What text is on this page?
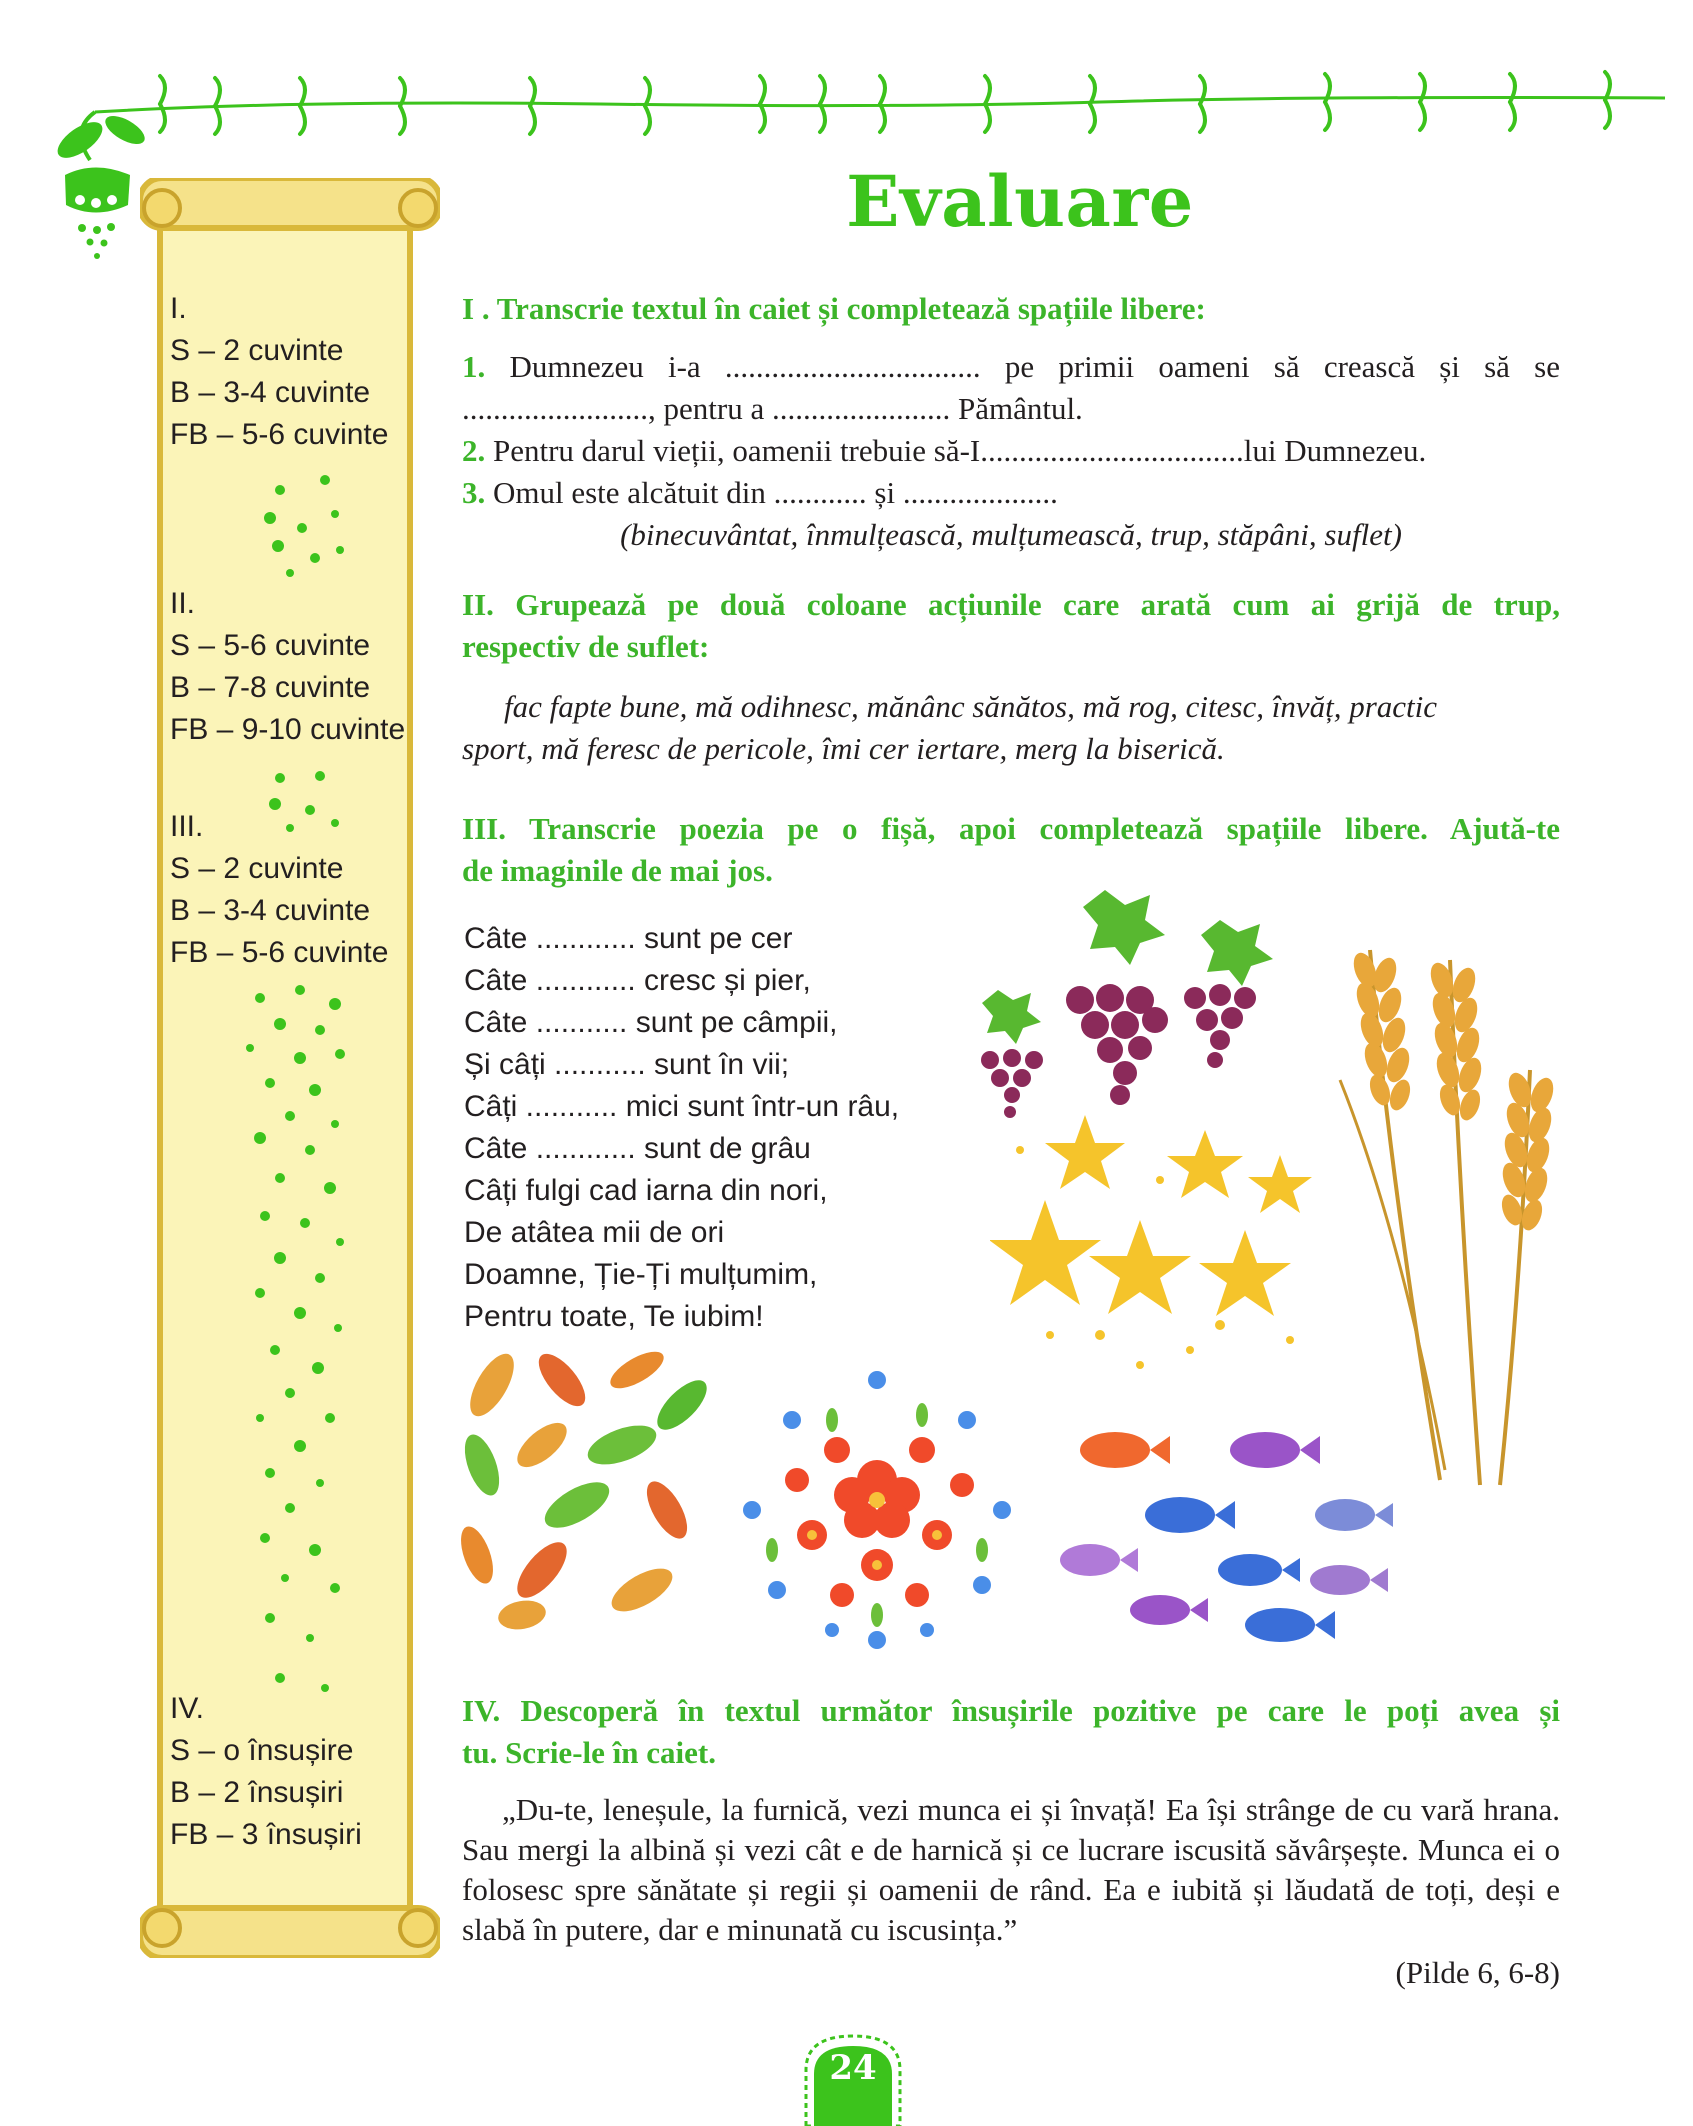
I.
S – 2 cuvinte
B – 3-4 cuvinte
FB – 5-6 cuvinte
II.
S – 5-6 cuvinte
B – 7-8 cuvinte
FB – 9-10 cuvinte
III.
S – 2 cuvinte
B – 3-4 cuvinte
FB – 5-6 cuvinte
IV.
S – o însușire
B – 2 însușiri
FB – 3 însușiri
Evaluare
I . Transcrie textul în caiet și completează spațiile libere:
1. Dumnezeu i-a ................................. pe primii oameni să crească și să se
........................, pentru a ....................... Pământul.
2. Pentru darul vieții, oamenii trebuie să-I..................................lui Dumnezeu.
3. Omul este alcătuit din ............ și ....................
(binecuvântat, înmulțească, mulțumească, trup, stăpâni, suflet)
II. Grupează pe două coloane acțiunile care arată cum ai grijă de trup,
respectiv de suflet:
fac fapte bune, mă odihnesc, mănânc sănătos, mă rog, citesc, învăț, practic
sport, mă feresc de pericole, îmi cer iertare, merg la biserică.
III. Transcrie poezia pe o fișă, apoi completează spațiile libere. Ajută-te
de imaginile de mai jos.
Câte ............ sunt pe cer
Câte ............ cresc și pier,
Câte ........... sunt pe câmpii,
Și câți ........... sunt în vii;
Câți ........... mici sunt într-un râu,
Câte ............ sunt de grâu
Câți fulgi cad iarna din nori,
De atâtea mii de ori
Doamne, Ție-Ți mulțumim,
Pentru toate, Te iubim!
IV. Descoperă în textul următor însușirile pozitive pe care le poți avea și
tu. Scrie-le în caiet.
„Du-te, leneșule, la furnică, vezi munca ei și învață! Ea își strânge de cu vară hrana. Sau mergi la albină și vezi cât e de harnică și ce lucrare iscusită săvârșește. Munca ei o folosesc spre sănătate și regii și oamenii de rând. Ea e iubită și lăudată de toți, deși e slabă în putere, dar e minunată cu iscusința.”
(Pilde 6, 6-8)
24
